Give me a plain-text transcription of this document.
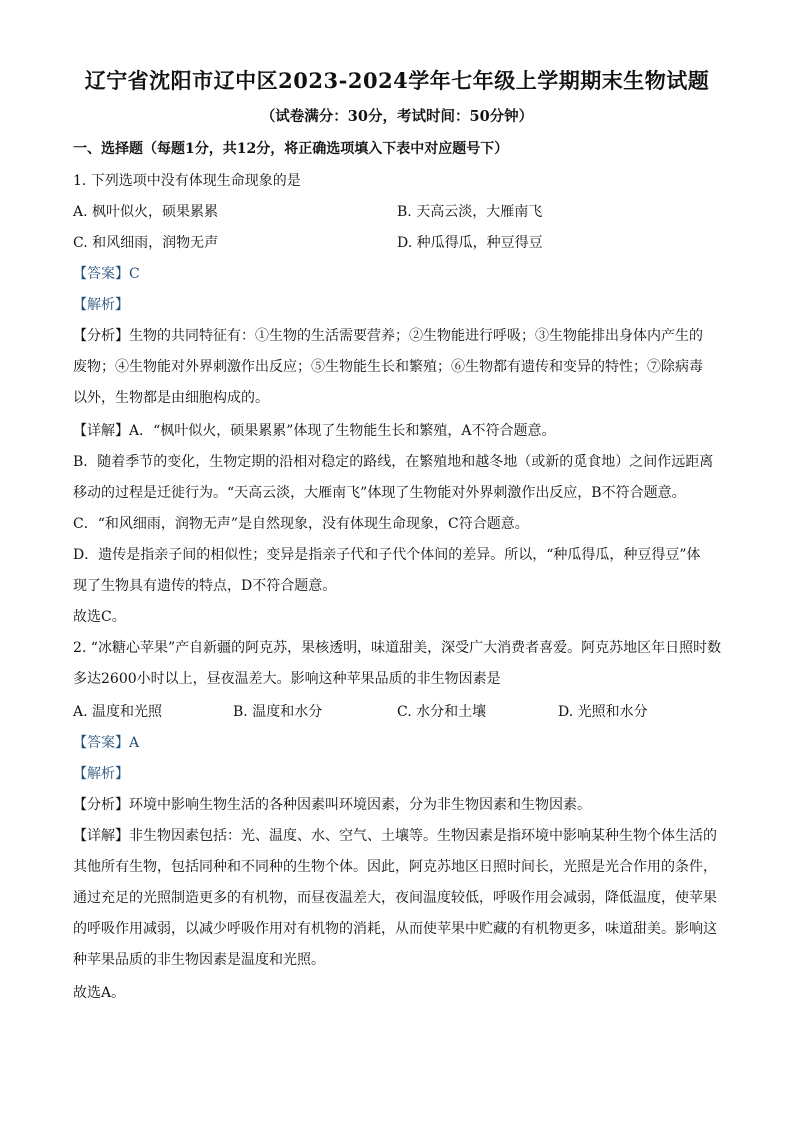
辽宁省沈阳市辽中区2023-2024学年七年级上学期期末生物试题
（试卷满分：30分，考试时间：50分钟）
一、选择题（每题1分，共12分，将正确选项填入下表中对应题号下）
1. 下列选项中没有体现生命现象的是
A. 枫叶似火，硕果累累	B. 天高云淡，大雁南飞
C. 和风细雨，润物无声	D. 种瓜得瓜，种豆得豆
【答案】C
【解析】
【分析】生物的共同特征有：①生物的生活需要营养；②生物能进行呼吸；③生物能排出身体内产生的
废物；④生物能对外界刺激作出反应；⑤生物能生长和繁殖；⑥生物都有遗传和变异的特性；⑦除病毒
以外，生物都是由细胞构成的。
【详解】A．“枫叶似火，硕果累累”体现了生物能生长和繁殖，A不符合题意。
B．随着季节的变化，生物定期的沿相对稳定的路线，在繁殖地和越冬地（或新的觅食地）之间作远距离
移动的过程是迁徙行为。“天高云淡，大雁南飞”体现了生物能对外界刺激作出反应，B不符合题意。
C．“和风细雨，润物无声”是自然现象，没有体现生命现象，C符合题意。
D．遗传是指亲子间的相似性；变异是指亲子代和子代个体间的差异。所以，“种瓜得瓜，种豆得豆”体
现了生物具有遗传的特点，D不符合题意。
故选C。
2. “冰糖心苹果”产自新疆的阿克苏，果核透明，味道甜美，深受广大消费者喜爱。阿克苏地区年日照时数
多达2600小时以上，昼夜温差大。影响这种苹果品质的非生物因素是
A. 温度和光照	B. 温度和水分	C. 水分和土壤	D. 光照和水分
【答案】A
【解析】
【分析】环境中影响生物生活的各种因素叫环境因素，分为非生物因素和生物因素。
【详解】非生物因素包括：光、温度、水、空气、土壤等。生物因素是指环境中影响某种生物个体生活的
其他所有生物，包括同种和不同种的生物个体。因此，阿克苏地区日照时间长，光照是光合作用的条件，
通过充足的光照制造更多的有机物，而昼夜温差大，夜间温度较低，呼吸作用会减弱，降低温度，使苹果
的呼吸作用减弱，以减少呼吸作用对有机物的消耗，从而使苹果中贮藏的有机物更多，味道甜美。影响这
种苹果品质的非生物因素是温度和光照。
故选A。
